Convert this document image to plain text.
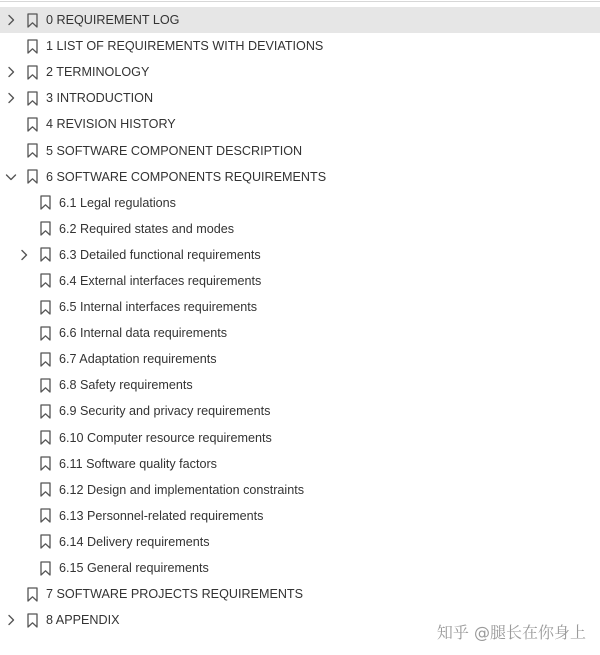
0 REQUIREMENT LOG
1 LIST OF REQUIREMENTS WITH DEVIATIONS
2 TERMINOLOGY
3 INTRODUCTION
4 REVISION HISTORY
5 SOFTWARE COMPONENT DESCRIPTION
6 SOFTWARE COMPONENTS REQUIREMENTS
6.1 Legal regulations
6.2 Required states and modes
6.3 Detailed functional requirements
6.4 External interfaces requirements
6.5 Internal interfaces requirements
6.6 Internal data requirements
6.7 Adaptation requirements
6.8 Safety requirements
6.9 Security and privacy requirements
6.10 Computer resource requirements
6.11 Software quality factors
6.12 Design and implementation constraints
6.13 Personnel-related requirements
6.14 Delivery requirements
6.15 General requirements
7 SOFTWARE PROJECTS REQUIREMENTS
8 APPENDIX
知乎 @腿长在你身上
